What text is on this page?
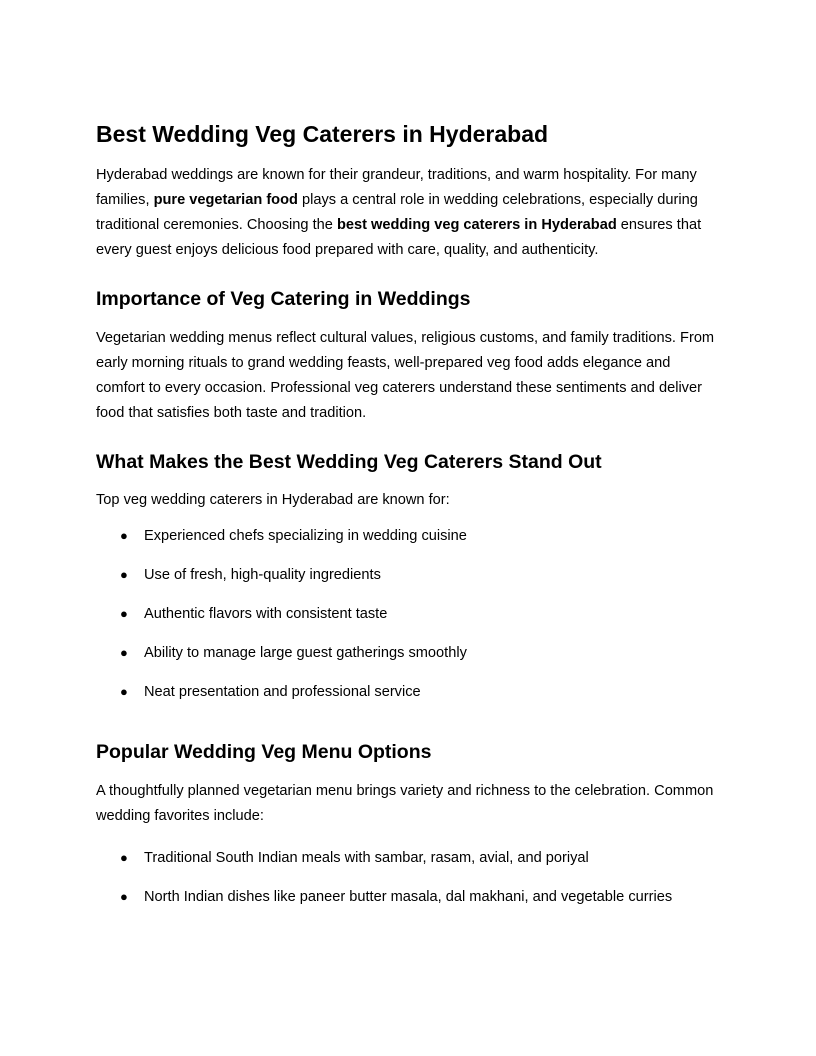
Best Wedding Veg Caterers in Hyderabad

Hyderabad weddings are known for their grandeur, traditions, and warm hospitality. For many
families, pure vegetarian food plays a central role in wedding celebrations, especially during
traditional ceremonies. Choosing the best wedding veg caterers in Hyderabad ensures that
every guest enjoys delicious food prepared with care, quality, and authenticity.

Importance of Veg Catering in Weddings

Vegetarian wedding menus reflect cultural values, religious customs, and family traditions. From
early morning rituals to grand wedding feasts, well-prepared veg food adds elegance and
comfort to every occasion. Professional veg caterers understand these sentiments and deliver
food that satisfies both taste and tradition.

What Makes the Best Wedding Veg Caterers Stand Out

Top veg wedding caterers in Hyderabad are known for:

● Experienced chefs specializing in wedding cuisine
● Use of fresh, high-quality ingredients
● Authentic flavors with consistent taste
● Ability to manage large guest gatherings smoothly
● Neat presentation and professional service
Popular Wedding Veg Menu Options

A thoughtfully planned vegetarian menu brings variety and richness to the celebration. Common
wedding favorites include:

● Traditional South Indian meals with sambar, rasam, avial, and poriyal
● North Indian dishes like paneer butter masala, dal makhani, and vegetable curries
